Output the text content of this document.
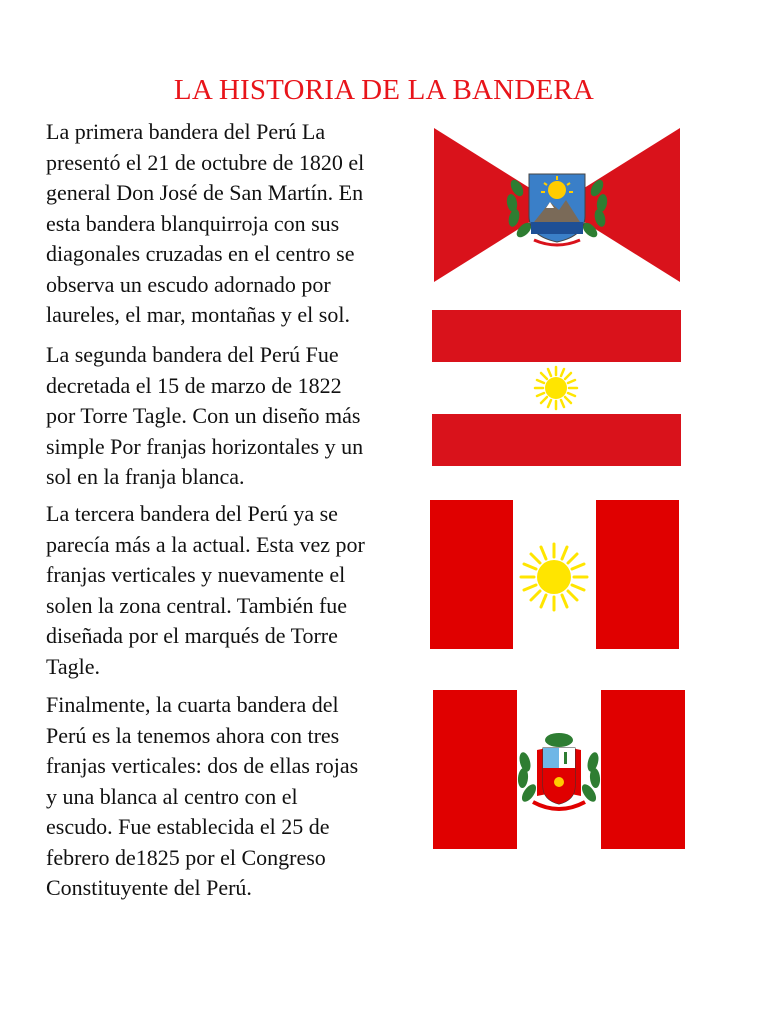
LA HISTORIA DE LA BANDERA

La primera bandera del Perú La
presentó el 21 de octubre de 1820 el
general Don José de San Martín. En
esta bandera blanquirroja con sus
diagonales cruzadas en el centro se
observa un escudo adornado por
laureles, el mar, montañas y el sol.

La segunda bandera del Perú Fue
decretada el 15 de marzo de 1822
por Torre Tagle. Con un diseño más
simple Por franjas horizontales y un
sol en la franja blanca.

La tercera bandera del Perú ya se
parecía más a la actual. Esta vez por
franjas verticales y nuevamente el
solen la zona central. También fue
diseñada por el marqués de Torre
Tagle.

Finalmente, la cuarta bandera del
Perú es la tenemos ahora con tres
franjas verticales: dos de ellas rojas
y una blanca al centro con el
escudo. Fue establecida el 25 de
febrero de1825 por el Congreso
Constituyente del Perú.
